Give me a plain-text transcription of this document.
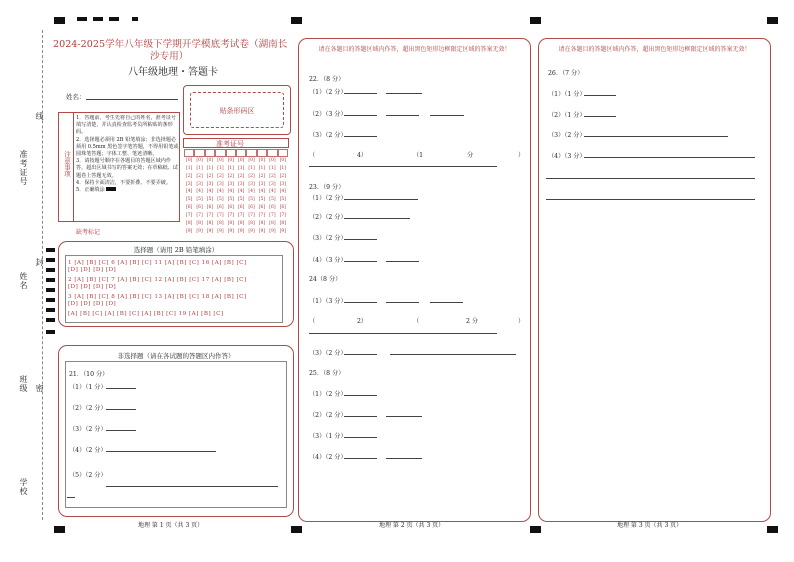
准考证号
线
姓名
封
班级 密
学校
2024-2025学年八年级下学期开学模底考试卷（湖南长
沙专用）
八年级地理・答题卡
姓名：
贴条形码区
注意事项
1．答题前，考生先将自己的姓名，准考证号填写清楚，并认真检查监考员所粘贴的条形码。
2．选择题必须用 2B 铅笔填涂；非选择题必须用 0.5mm 黑色签字笔答题，不得用铅笔或圆珠笔答题；字体工整、笔迹清晰。
3．请按题号顺序在各题目的答题区域内作答，超出区域书写的答案无效；在草稿纸、试题卷上答题无效。
4．保持卡面清洁，不要折叠、不要弄破。
5．正确填涂
缺考标记
准考证号
[0] [0] [0] [0] [0] [0] [0] [0] [0] [0]
[1] [1] [1] [1] [1] [1] [1] [1] [1] [1]
[2] [2] [2] [2] [2] [2] [2] [2] [2] [2]
[3] [3] [3] [3] [3] [3] [3] [3] [3] [3]
[4] [4] [4] [4] [4] [4] [4] [4] [4] [4]
[5] [5] [5] [5] [5] [5] [5] [5] [5] [5]
[6] [6] [6] [6] [6] [6] [6] [6] [6] [6]
[7] [7] [7] [7] [7] [7] [7] [7] [7] [7]
[8] [8] [8] [8] [8] [8] [8] [8] [8] [8]
[9] [9] [9] [9] [9] [9] [9] [9] [9] [9]
选择题（请用 2B 铅笔填涂）
1 [A] [B] [C] 6 [A] [B] [C] 11 [A] [B] [C] 16 [A] [B] [C]
[D] [D] [D] [D]
2 [A] [B] [C] 7 [A] [B] [C] 12 [A] [B] [C] 17 [A] [B] [C]
[D] [D] [D] [D]
3 [A] [B] [C] 8 [A] [B] [C] 13 [A] [B] [C] 18 [A] [B] [C]
[D] [D] [D] [D]
[A] [B] [C] [A] [B] [C] [A] [B] [C] 19 [A] [B] [C]
非选择题（请在各试题的答题区内作答）
21．（10 分）
（1）（1 分）
（2）（2 分）
（3）（2 分）
（4）（2 分）
（5）（2 分）
地理 第 1 页（共 3 页）
请在各题目的答题区域内作答，超出黑色矩形边框限定区域的答案无效！
22．（8 分）
（1）（2 分）
（2）（3 分）
（3）（2 分）
（	4）	（1	分	）
23．（9 分）
（1）（2 分）
（2）（2 分）
（3）（2 分）
（4）（3 分）
24（8 分）
（1）（3 分）
（	2）	（	2 分	）
（3）（2 分）
25．（8 分）
（1）（2 分）
（2）（2 分）
（3）（1 分）
（4）（2 分）
地理 第 2 页（共 3 页）
请在各题目的答题区域内作答，超出黑色矩形边框限定区域的答案无效！
26．（7 分）
（1）（1 分）
（2）（1 分）
（3）（2 分）
（4）（3 分）
地理 第 3 页（共 3 页）
